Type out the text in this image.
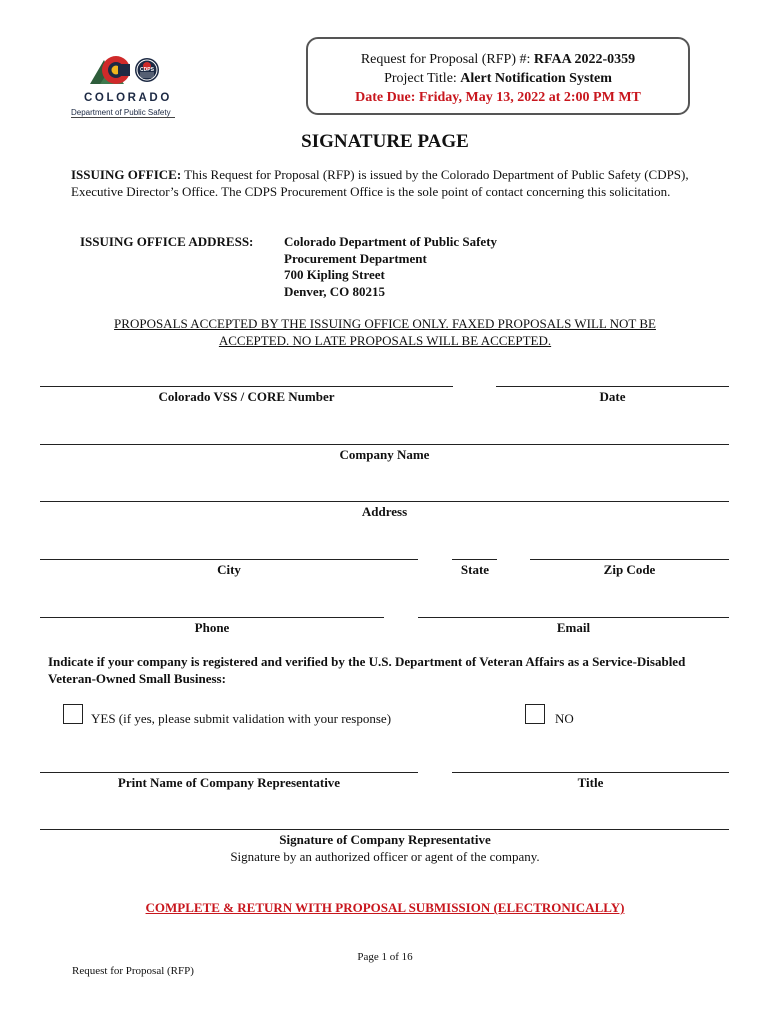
CDPS
COLORADO
Department of Public Safety
Request for Proposal (RFP) #: RFAA 2022-0359
Project Title: Alert Notification System
Date Due: Friday, May 13, 2022 at 2:00 PM MT
SIGNATURE PAGE
ISSUING OFFICE: This Request for Proposal (RFP) is issued by the Colorado Department of Public Safety (CDPS), Executive Director’s Office. The CDPS Procurement Office is the sole point of contact concerning this solicitation.
ISSUING OFFICE ADDRESS: Colorado Department of Public Safety
Procurement Department
700 Kipling Street
Denver, CO 80215
PROPOSALS ACCEPTED BY THE ISSUING OFFICE ONLY. FAXED PROPOSALS WILL NOT BE
ACCEPTED. NO LATE PROPOSALS WILL BE ACCEPTED.
Colorado VSS / CORE Number	Date
Company Name
Address
City	State	Zip Code
Phone	Email
Indicate if your company is registered and verified by the U.S. Department of Veteran Affairs as a Service-Disabled Veteran-Owned Small Business:
YES (if yes, please submit validation with your response)	NO
Print Name of Company Representative	Title
Signature of Company Representative
Signature by an authorized officer or agent of the company.
COMPLETE & RETURN WITH PROPOSAL SUBMISSION (ELECTRONICALLY)
Page 1 of 16
Request for Proposal (RFP)
